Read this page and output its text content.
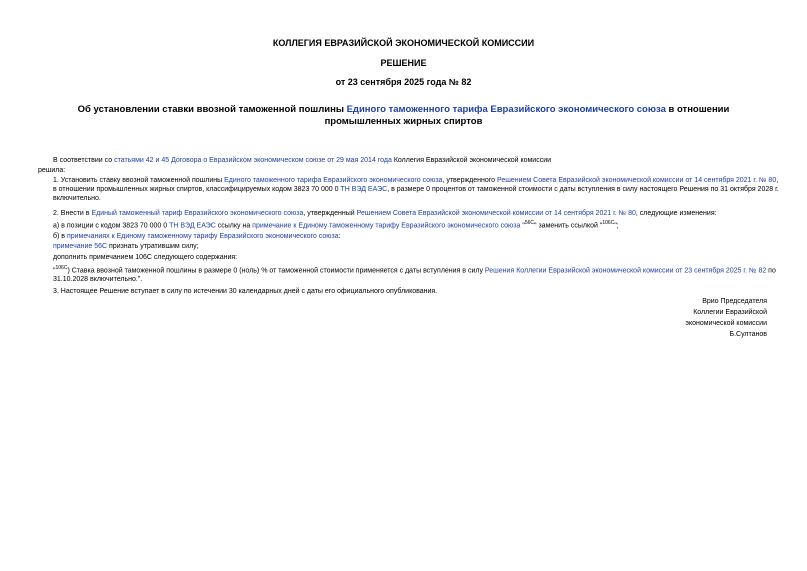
КОЛЛЕГИЯ ЕВРАЗИЙСКОЙ ЭКОНОМИЧЕСКОЙ КОМИССИИ
РЕШЕНИЕ
от 23 сентября 2025 года № 82
Об установлении ставки ввозной таможенной пошлины Единого таможенного тарифа Евразийского экономического союза в отношении промышленных жирных спиртов
В соответствии со статьями 42 и 45 Договора о Евразийском экономическом союзе от 29 мая 2014 года Коллегия Евразийской экономической комиссии
решила:
1. Установить ставку ввозной таможенной пошлины Единого таможенного тарифа Евразийского экономического союза, утвержденного Решением Совета Евразийской экономической комиссии от 14 сентября 2021 г. № 80, в отношении промышленных жирных спиртов, классифицируемых кодом 3823 70 000 0 ТН ВЭД ЕАЭС, в размере 0 процентов от таможенной стоимости с даты вступления в силу настоящего Решения по 31 октября 2028 г. включительно.
2. Внести в Единый таможенный тариф Евразийского экономического союза, утвержденный Решением Совета Евразийской экономической комиссии от 14 сентября 2021 г. № 80, следующие изменения:
а) в позиции с кодом 3823 70 000 0 ТН ВЭД ЕАЭС ссылку на примечание к Единому таможенному тарифу Евразийского экономического союза "$^{56С}$" заменить ссылкой "$^{106С}$";
б) в примечаниях к Единому таможенному тарифу Евразийского экономического союза:
примечание 56С признать утратившим силу;
дополнить примечанием 106С следующего содержания:
"$^{106С}$) Ставка ввозной таможенной пошлины в размере 0 (ноль) % от таможенной стоимости применяется с даты вступления в силу Решения Коллегии Евразийской экономической комиссии от 23 сентября 2025 г. № 82 по 31.10.2028 включительно.".
3. Настоящее Решение вступает в силу по истечении 30 календарных дней с даты его официального опубликования.
Врио Председателя
Коллегии Евразийской
экономической комиссии
Б.Султанов
